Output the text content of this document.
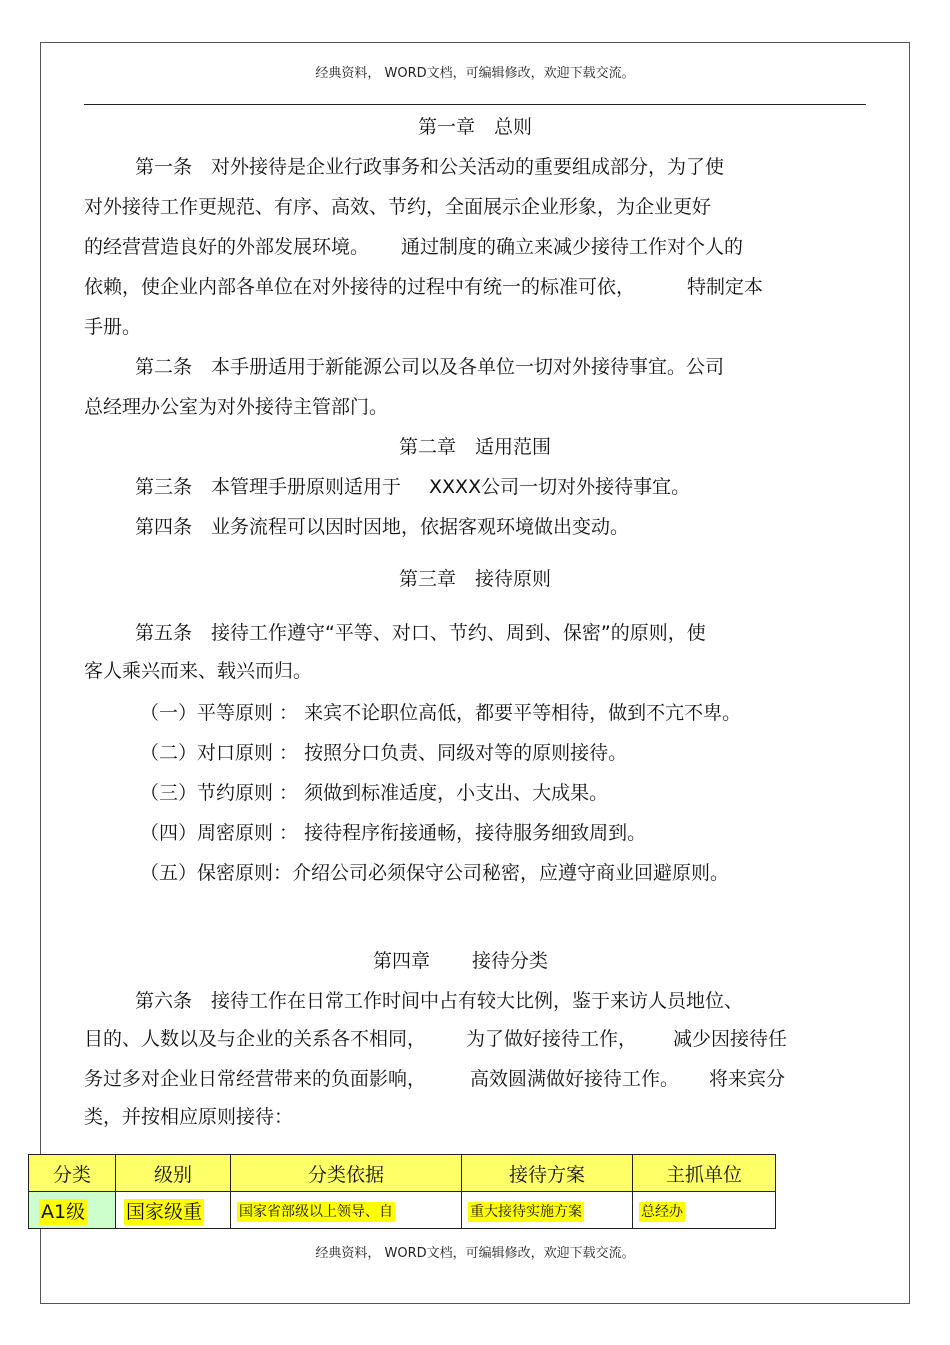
经典资料， WORD文档，可编辑修改，欢迎下载交流。
第一章　总则
第一条　对外接待是企业行政事务和公关活动的重要组成部分，为了使
对外接待工作更规范、有序、高效、节约，全面展示企业形象，为企业更好
的经营营造良好的外部发展环境。 通过制度的确立来减少接待工作对个人的
依赖，使企业内部各单位在对外接待的过程中有统一的标准可依，	特制定本
手册。
第二条　本手册适用于新能源公司以及各单位一切对外接待事宜。公司
总经理办公室为对外接待主管部门。
第二章　适用范围
第三条　本管理手册原则适用于 XXXX公司一切对外接待事宜。
第四条　业务流程可以因时因地，依据客观环境做出变动。
第三章　接待原则
第五条　接待工作遵守“平等、对口、节约、周到、保密”的原则，使
客人乘兴而来、载兴而归。
（一）平等原则 ： 来宾不论职位高低，都要平等相待，做到不亢不卑。
（二）对口原则 ： 按照分口负责、同级对等的原则接待。
（三）节约原则 ： 须做到标准适度，小支出、大成果。
（四）周密原则 ： 接待程序衔接通畅，接待服务细致周到。
（五）保密原则：介绍公司必须保守公司秘密，应遵守商业回避原则。
第四章 接待分类
第六条　接待工作在日常工作时间中占有较大比例，鉴于来访人员地位、
目的、人数以及与企业的关系各不相同， 为了做好接待工作， 减少因接待任
务过多对企业日常经营带来的负面影响， 高效圆满做好接待工作。 将来宾分
类，并按相应原则接待：
分类	级别	分类依据	接待方案	主抓单位
A1级	国家级重	国家省部级以上领导、自	重大接待实施方案	总经办
经典资料， WORD文档，可编辑修改，欢迎下载交流。
